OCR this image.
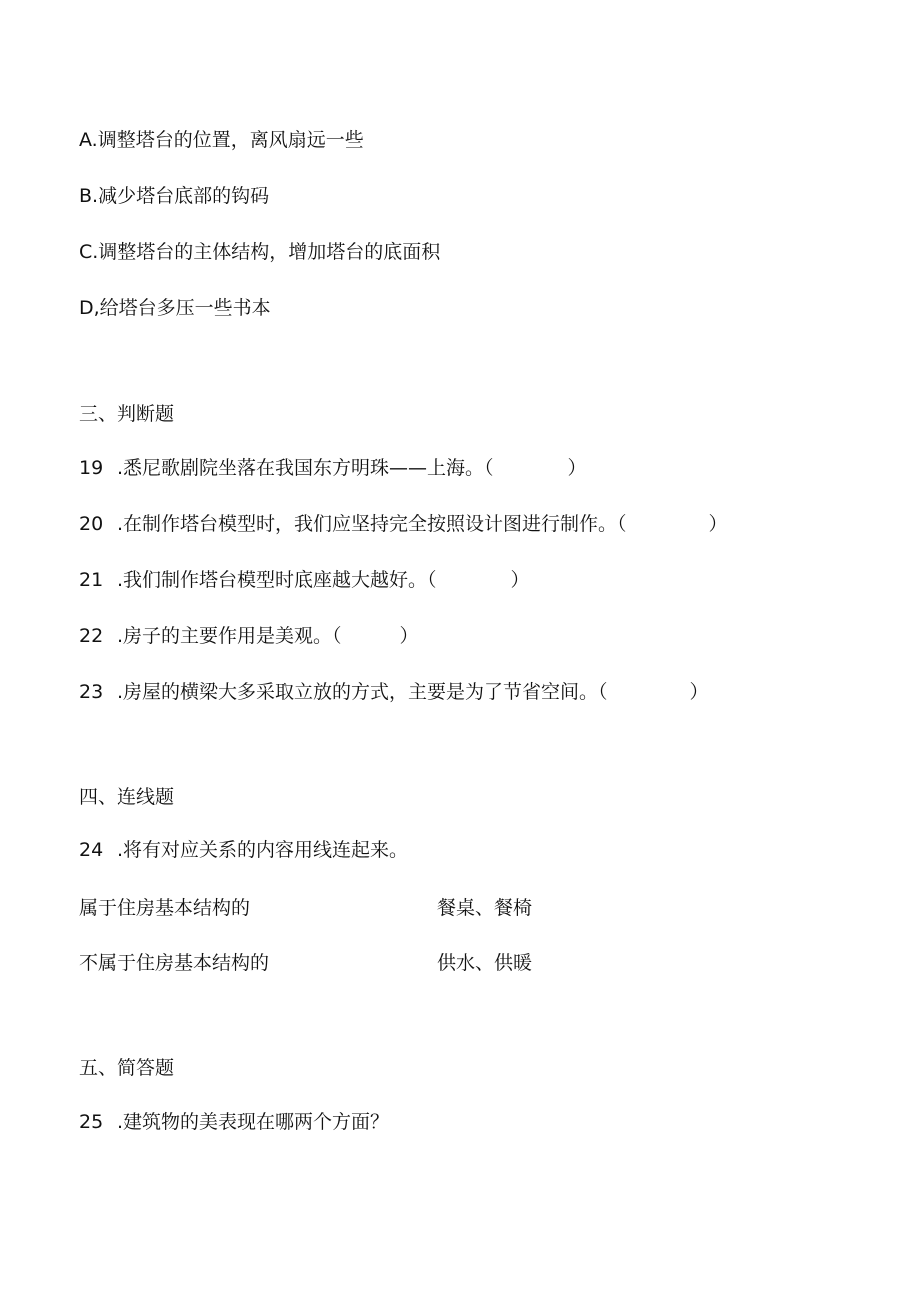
A.调整塔台的位置，离风扇远一些
B.减少塔台底部的钩码
C.调整塔台的主体结构，增加塔台的底面积
D,给塔台多压一些书本
三、判断题
19 .悉尼歌剧院坐落在我国东方明珠——上海。（	）
20 .在制作塔台模型时，我们应坚持完全按照设计图进行制作。（	）
21 .我们制作塔台模型时底座越大越好。（	）
22 .房子的主要作用是美观。（	）
23 .房屋的横梁大多采取立放的方式，主要是为了节省空间。（	）
四、连线题
24 .将有对应关系的内容用线连起来。
属于住房基本结构的	餐桌、餐椅
不属于住房基本结构的	供水、供暖
五、简答题
25 .建筑物的美表现在哪两个方面？
